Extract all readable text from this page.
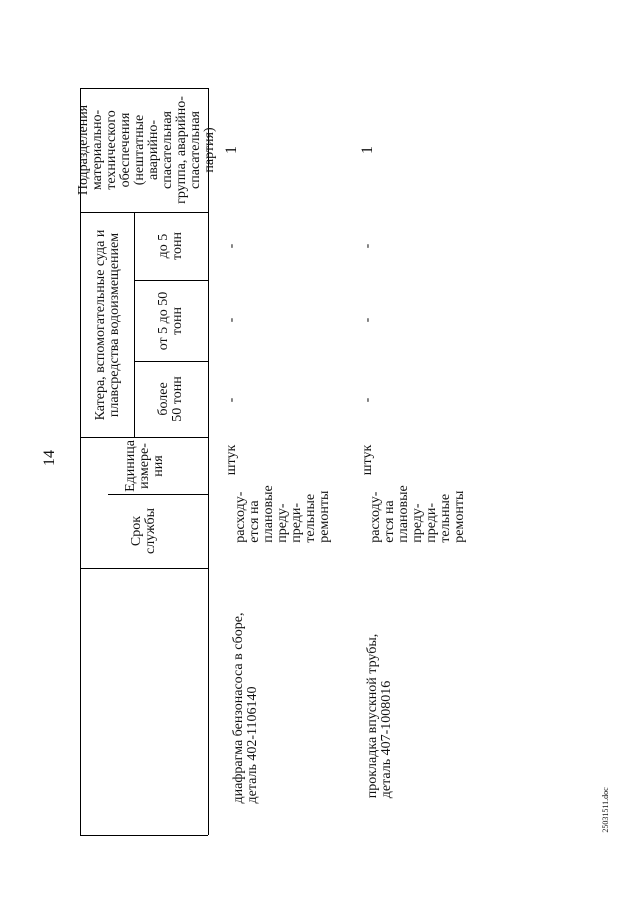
14
25031511.doc
Подразделения
материально-
технического
обеспечения
(нештатные
аварийно-
спасательная
группа, аварийно-
спасательная
партия)
Катера, вспомогательные суда и
плавсредства водоизмещением до 5
тонн
от 5 до 50
тонн
более
50 тонн
Единица
измере-
ния
Срок
службы
диафрагма бензонасоса в сборе,
деталь 402-1106140
расходу-
ется на
плановые
преду-
преди-
тельные
ремонты
штук
-
-
-
1
прокладка впускной трубы,
деталь 407-1008016
расходу-
ется на
плановые
преду-
преди-
тельные
ремонты
штук
-
-
-
1
